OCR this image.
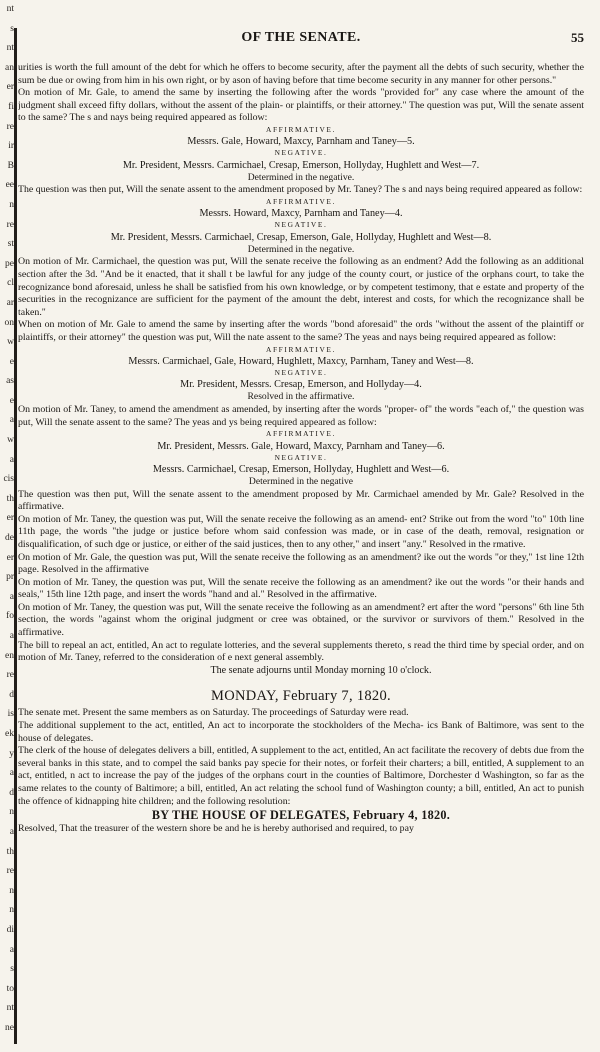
nt
s
nt
an
er
fi
re
ir
B
ee
n
re
st
pe
cl
ar
on
w
e
as
e
a
w
a
cis
th
er
de
er
pr
a
fo
a
en
re
d
is
ek
y
a
d
n
a
th
re
n
n
di
a
s
to
nt
ne
OF THE SENATE.	55

urities is worth the full amount of the debt for which he offers to become security, after the payment all the debts of such security, whether the sum be due or owing from him in his own right, or by ason of having before that time become security in any manner for other persons."

On motion of Mr. Gale, to amend the same by inserting the following after the words "provided for" any case where the amount of the judgment shall exceed fifty dollars, without the assent of the plain- or plaintiffs, or their attorney." The question was put, Will the senate assent to the same? The s and nays being required appeared as follow:

AFFIRMATIVE.

Messrs. Gale, Howard, Maxcy, Parnham and Taney—5.

NEGATIVE.

Mr. President, Messrs. Carmichael, Cresap, Emerson, Hollyday, Hughlett and West—7.

Determined in the negative.

The question was then put, Will the senate assent to the amendment proposed by Mr. Taney? The s and nays being required appeared as follow:

AFFIRMATIVE.

Messrs. Howard, Maxcy, Parnham and Taney—4.

NEGATIVE.

Mr. President, Messrs. Carmichael, Cresap, Emerson, Gale, Hollyday, Hughlett and West—8.

Determined in the negative.

On motion of Mr. Carmichael, the question was put, Will the senate receive the following as an endment? Add the following as an additional section after the 3d. "And be it enacted, that it shall t be lawful for any judge of the county court, or justice of the orphans court, to take the recognizance bond aforesaid, unless he shall be satisfied from his own knowledge, or by competent testimony, that e estate and property of the securities in the recognizance are sufficient for the payment of the amount the debt, interest and costs, for which the recognizance shall be taken."

When on motion of Mr. Gale to amend the same by inserting after the words "bond aforesaid" the ords "without the assent of the plaintiff or plaintiffs, or their attorney" the question was put, Will the nate assent to the same? The yeas and nays being required appeared as follow:

AFFIRMATIVE.

Messrs. Carmichael, Gale, Howard, Hughlett, Maxcy, Parnham, Taney and West—8.

NEGATIVE.

Mr. President, Messrs. Cresap, Emerson, and Hollyday—4.

Resolved in the affirmative.

On motion of Mr. Taney, to amend the amendment as amended, by inserting after the words "proper- of" the words "each of," the question was put, Will the senate assent to the same? The yeas and ys being required appeared as follow:

AFFIRMATIVE.

Mr. President, Messrs. Gale, Howard, Maxcy, Parnham and Taney—6.

NEGATIVE.

Messrs. Carmichael, Cresap, Emerson, Hollyday, Hughlett and West—6.

Determined in the negative

The question was then put, Will the senate assent to the amendment proposed by Mr. Carmichael amended by Mr. Gale? Resolved in the affirmative.

On motion of Mr. Taney, the question was put, Will the senate receive the following as an amend- ent? Strike out from the word "to" 10th line 11th page, the words "the judge or justice before whom said confession was made, or in case of the death, removal, resignation or disqualification, of such dge or justice, or either of the said justices, then to any other," and insert "any." Resolved in the rmative.

On motion of Mr. Gale, the question was put, Will the senate receive the following as an amendment? ike out the words "or they," 1st line 12th page. Resolved in the affirmative

On motion of Mr. Taney, the question was put, Will the senate receive the following as an amendment? ike out the words "or their hands and seals," 15th line 12th page, and insert the words "hand and al." Resolved in the affirmative.

On motion of Mr. Taney, the question was put, Will the senate receive the following as an amendment? ert after the word "persons" 6th line 5th section, the words "against whom the original judgment or cree was obtained, or the survivor or survivors of them." Resolved in the affirmative.

The bill to repeal an act, entitled, An act to regulate lotteries, and the several supplements thereto, s read the third time by special order, and on motion of Mr. Taney, referred to the consideration of e next general assembly.

The senate adjourns until Monday morning 10 o'clock.

MONDAY, February 7, 1820.

The senate met. Present the same members as on Saturday. The proceedings of Saturday were read.

The additional supplement to the act, entitled, An act to incorporate the stockholders of the Mecha- ics Bank of Baltimore, was sent to the house of delegates.

The clerk of the house of delegates delivers a bill, entitled, A supplement to the act, entitled, An act facilitate the recovery of debts due from the several banks in this state, and to compel the said banks pay specie for their notes, or forfeit their charters; a bill, entitled, A supplement to an act, entitled, n act to increase the pay of the judges of the orphans court in the counties of Baltimore, Dorchester d Washington, so far as the same relates to the county of Baltimore; a bill, entitled, An act relating the school fund of Washington county; a bill, entitled, An act to punish the offence of kidnapping hite children; and the following resolution:

BY THE HOUSE OF DELEGATES, February 4, 1820.

Resolved, That the treasurer of the western shore be and he is hereby authorised and required, to pay
